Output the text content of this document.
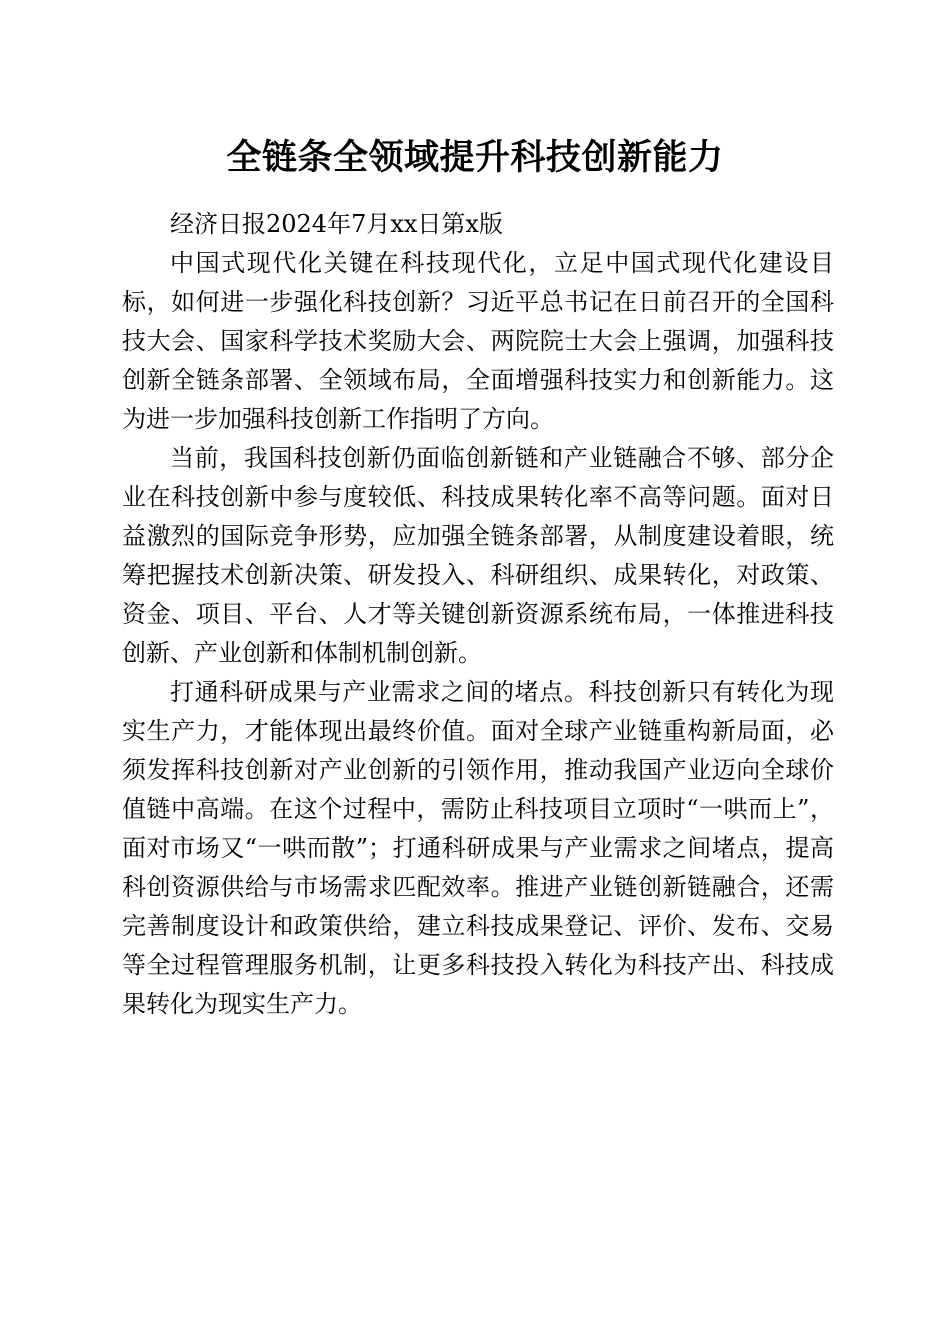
全链条全领域提升科技创新能力

经济日报2024年7月xx日第x版

中国式现代化关键在科技现代化，立足中国式现代化建设目标，如何进一步强化科技创新？习近平总书记在日前召开的全国科技大会、国家科学技术奖励大会、两院院士大会上强调，加强科技创新全链条部署、全领域布局，全面增强科技实力和创新能力。这为进一步加强科技创新工作指明了方向。

当前，我国科技创新仍面临创新链和产业链融合不够、部分企业在科技创新中参与度较低、科技成果转化率不高等问题。面对日益激烈的国际竞争形势，应加强全链条部署，从制度建设着眼，统筹把握技术创新决策、研发投入、科研组织、成果转化，对政策、资金、项目、平台、人才等关键创新资源系统布局，一体推进科技创新、产业创新和体制机制创新。

打通科研成果与产业需求之间的堵点。科技创新只有转化为现实生产力，才能体现出最终价值。面对全球产业链重构新局面，必须发挥科技创新对产业创新的引领作用，推动我国产业迈向全球价值链中高端。在这个过程中，需防止科技项目立项时“一哄而上”，面对市场又“一哄而散”；打通科研成果与产业需求之间堵点，提高科创资源供给与市场需求匹配效率。推进产业链创新链融合，还需完善制度设计和政策供给，建立科技成果登记、评价、发布、交易等全过程管理服务机制，让更多科技投入转化为科技产出、科技成果转化为现实生产力。
